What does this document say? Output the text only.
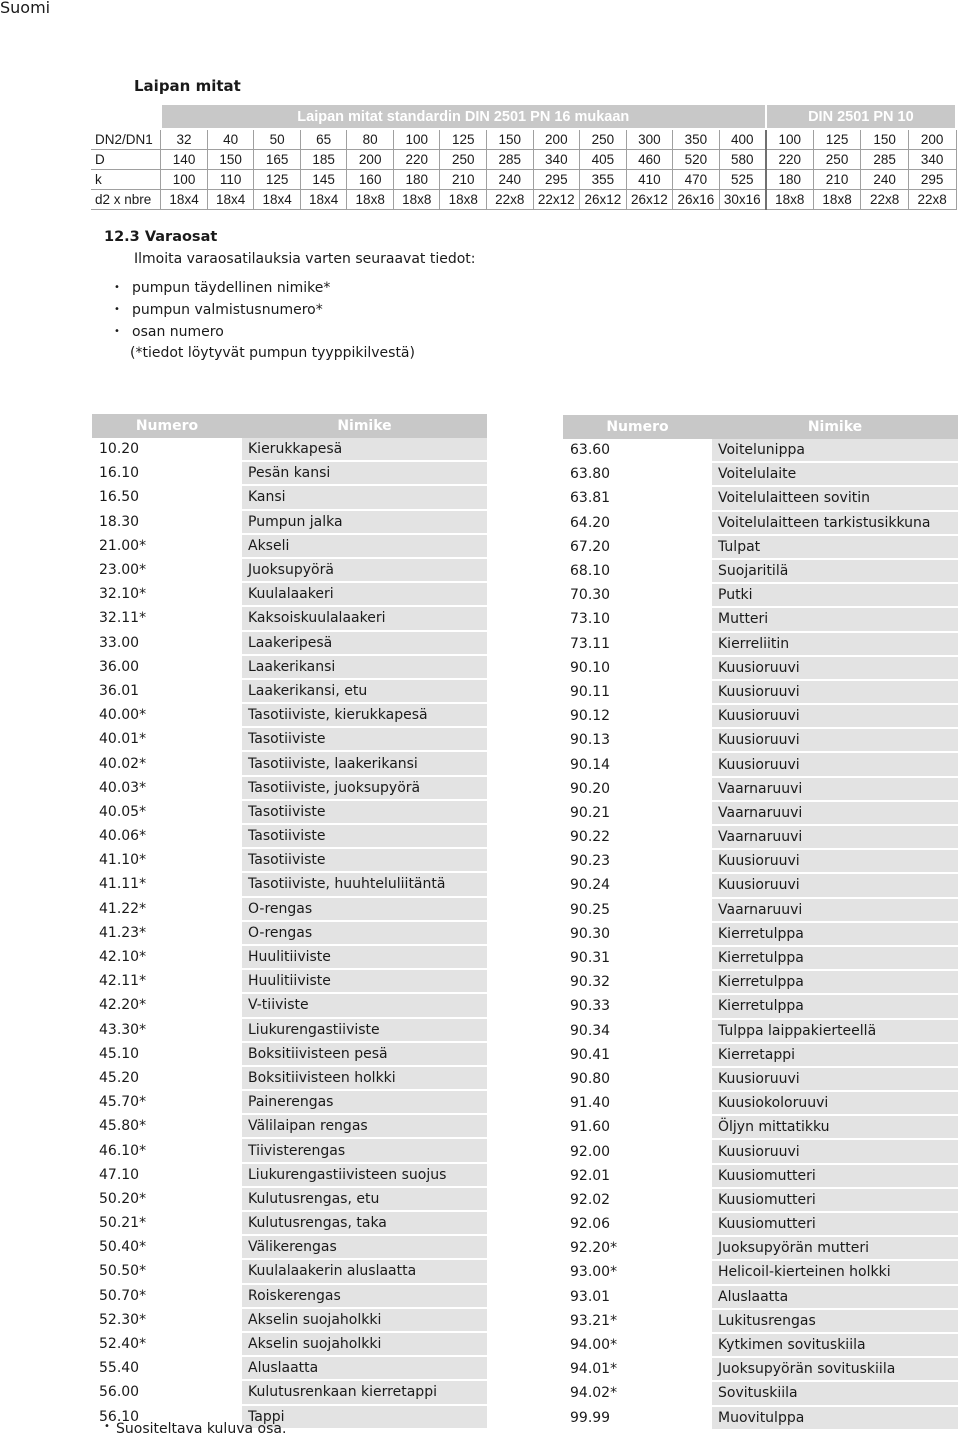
Suomi
Laipan mitat
	Laipan mitat standardin DIN 2501 PN 16 mukaan													DIN 2501 PN 10			
DN2/DN1	32	40	50	65	80	100	125	150	200	250	300	350	400	100	125	150	200
D	140	150	165	185	200	220	250	285	340	405	460	520	580	220	250	285	340
k	100	110	125	145	160	180	210	240	295	355	410	470	525	180	210	240	295
d2 x nbre	18x4	18x4	18x4	18x4	18x8	18x8	18x8	22x8	22x12	26x12	26x12	26x16	30x16	18x8	18x8	22x8	22x8
12.3 Varaosat
Ilmoita varaosatilauksia varten seuraavat tiedot:
• pumpun täydellinen nimike*
• pumpun valmistusnumero*
• osan numero
(*tiedot löytyvät pumpun tyyppikilvestä)
Numero	Nimike
10.20	Kierukkapesä
16.10	Pesän kansi
16.50	Kansi
18.30	Pumpun jalka
21.00*	Akseli
23.00*	Juoksupyörä
32.10*	Kuulalaakeri
32.11*	Kaksoiskuulalaakeri
33.00	Laakeripesä
36.00	Laakerikansi
36.01	Laakerikansi, etu
40.00*	Tasotiiviste, kierukkapesä
40.01*	Tasotiiviste
40.02*	Tasotiiviste, laakerikansi
40.03*	Tasotiiviste, juoksupyörä
40.05*	Tasotiiviste
40.06*	Tasotiiviste
41.10*	Tasotiiviste
41.11*	Tasotiiviste, huuhteluliitäntä
41.22*	O-rengas
41.23*	O-rengas
42.10*	Huulitiiviste
42.11*	Huulitiiviste
42.20*	V-tiiviste
43.30*	Liukurengastiiviste
45.10	Boksitiivisteen pesä
45.20	Boksitiivisteen holkki
45.70*	Painerengas
45.80*	Välilaipan rengas
46.10*	Tiivisterengas
47.10	Liukurengastiivisteen suojus
50.20*	Kulutusrengas, etu
50.21*	Kulutusrengas, taka
50.40*	Välikerengas
50.50*	Kuulalaakerin aluslaatta
50.70*	Roiskerengas
52.30*	Akselin suojaholkki
52.40*	Akselin suojaholkki
55.40	Aluslaatta
56.00	Kulutusrenkaan kierretappi
56.10	Tappi
Numero	Nimike
63.60	Voitelunippa
63.80	Voitelulaite
63.81	Voitelulaitteen sovitin
64.20	Voitelulaitteen tarkistusikkuna
67.20	Tulpat
68.10	Suojaritilä
70.30	Putki
73.10	Mutteri
73.11	Kierreliitin
90.10	Kuusioruuvi
90.11	Kuusioruuvi
90.12	Kuusioruuvi
90.13	Kuusioruuvi
90.14	Kuusioruuvi
90.20	Vaarnaruuvi
90.21	Vaarnaruuvi
90.22	Vaarnaruuvi
90.23	Kuusioruuvi
90.24	Kuusioruuvi
90.25	Vaarnaruuvi
90.30	Kierretulppa
90.31	Kierretulppa
90.32	Kierretulppa
90.33	Kierretulppa
90.34	Tulppa laippakierteellä
90.41	Kierretappi
90.80	Kuusioruuvi
91.40	Kuusiokoloruuvi
91.60	Öljyn mittatikku
92.00	Kuusioruuvi
92.01	Kuusiomutteri
92.02	Kuusiomutteri
92.06	Kuusiomutteri
92.20*	Juoksupyörän mutteri
93.00*	Helicoil-kierteinen holkki
93.01	Aluslaatta
93.21*	Lukitusrengas
94.00*	Kytkimen sovituskiila
94.01*	Juoksupyörän sovituskiila
94.02*	Sovituskiila
99.99	Muovitulppa
• Suositeltava kuluva osa.
